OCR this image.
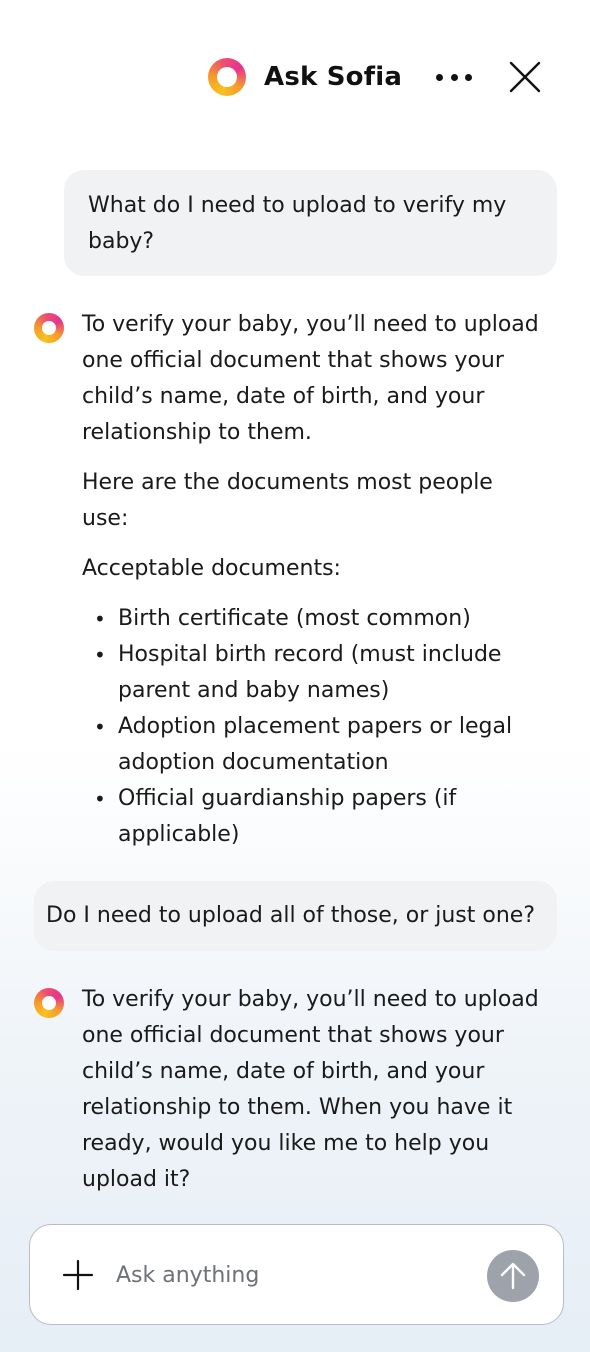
Ask Sofia
What do I need to upload to verify my baby?

To verify your baby, you’ll need to upload one official document that shows your child’s name, date of birth, and your relationship to them.

Here are the documents most people use:

Acceptable documents:

• Birth certificate (most common)
• Hospital birth record (must include parent and baby names)
• Adoption placement papers or legal adoption documentation
• Official guardianship papers (if applicable)
Do I need to upload all of those, or just one?

To verify your baby, you’ll need to upload one official document that shows your child’s name, date of birth, and your relationship to them. When you have it ready, would you like me to help you upload it?

Ask anything
